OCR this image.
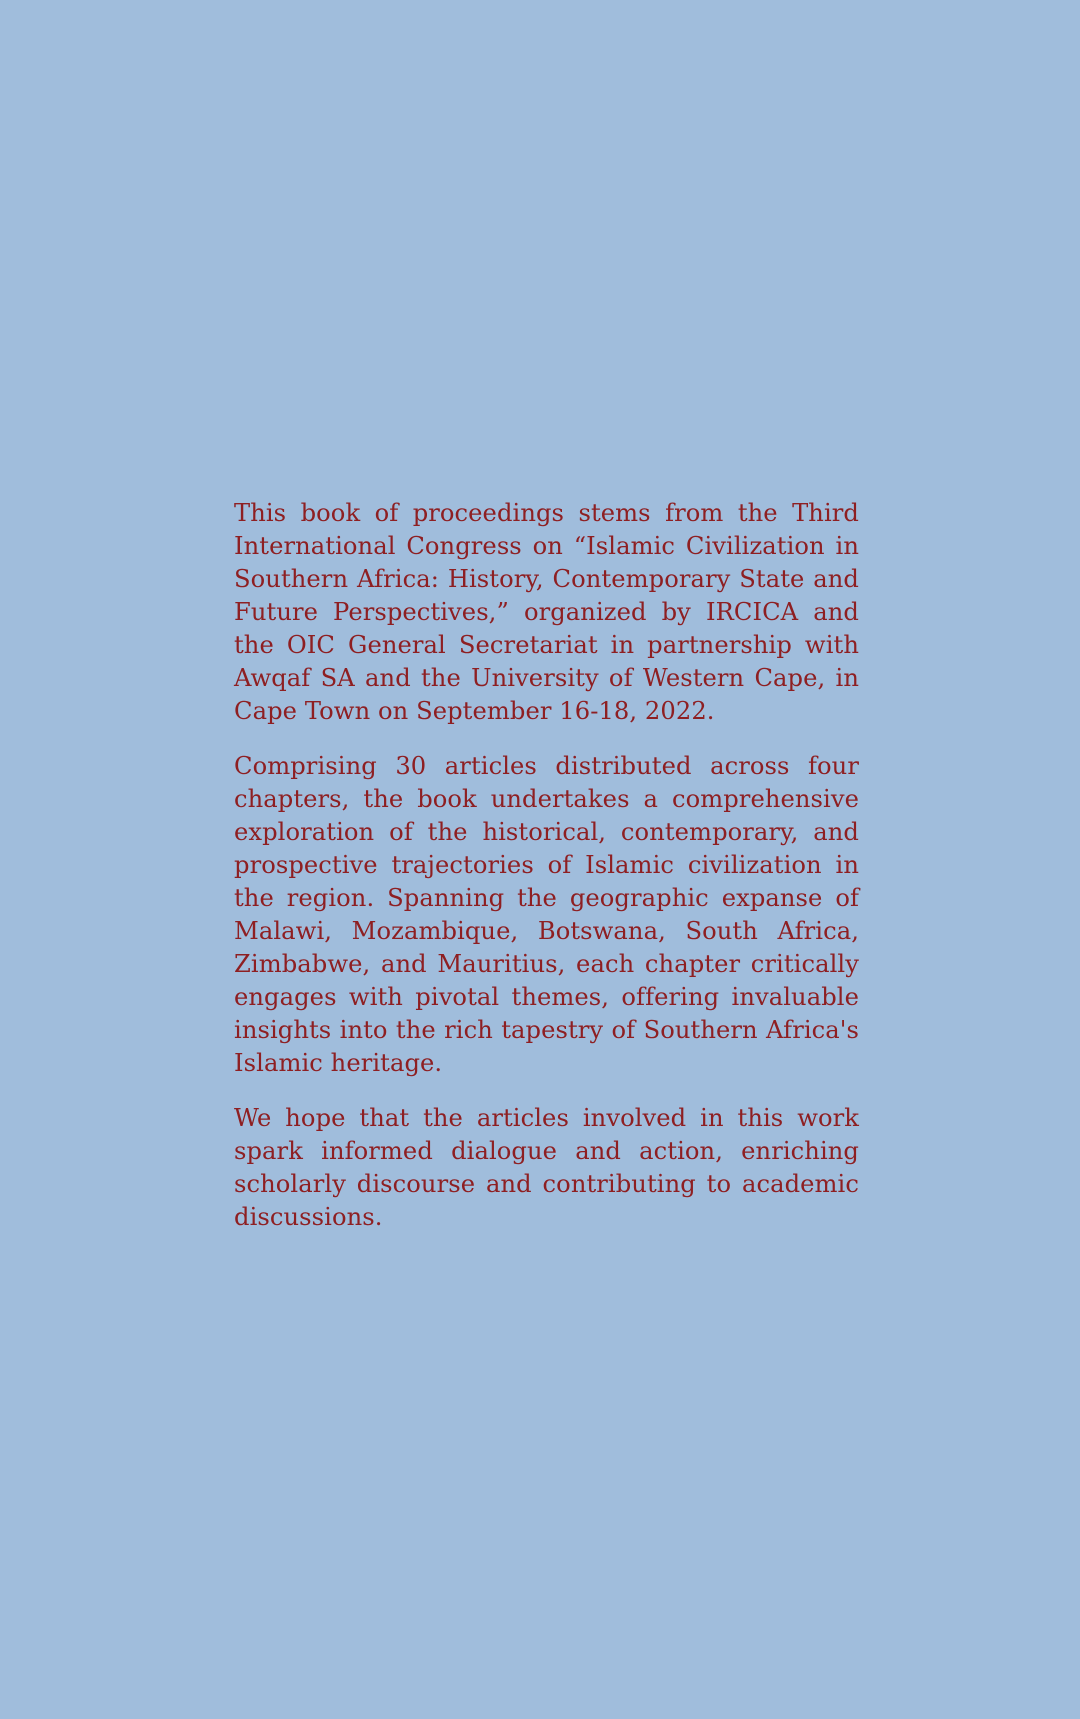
This book of proceedings stems from the Third International Congress on “Islamic Civilization in Southern Africa: History, Contemporary State and Future Perspectives,” organized by IRCICA and the OIC General Secretariat in partnership with Awqaf SA and the University of Western Cape, in Cape Town on September 16-18, 2022.

Comprising 30 articles distributed across four chapters, the book undertakes a comprehensive exploration of the historical, contemporary, and prospective trajectories of Islamic civilization in the region. Spanning the geographic expanse of Malawi, Mozambique, Botswana, South Africa, Zimbabwe, and Mauritius, each chapter critically engages with pivotal themes, offering invaluable insights into the rich tapestry of Southern Africa's Islamic heritage.

We hope that the articles involved in this work spark informed dialogue and action, enriching scholarly discourse and contributing to academic discussions.
